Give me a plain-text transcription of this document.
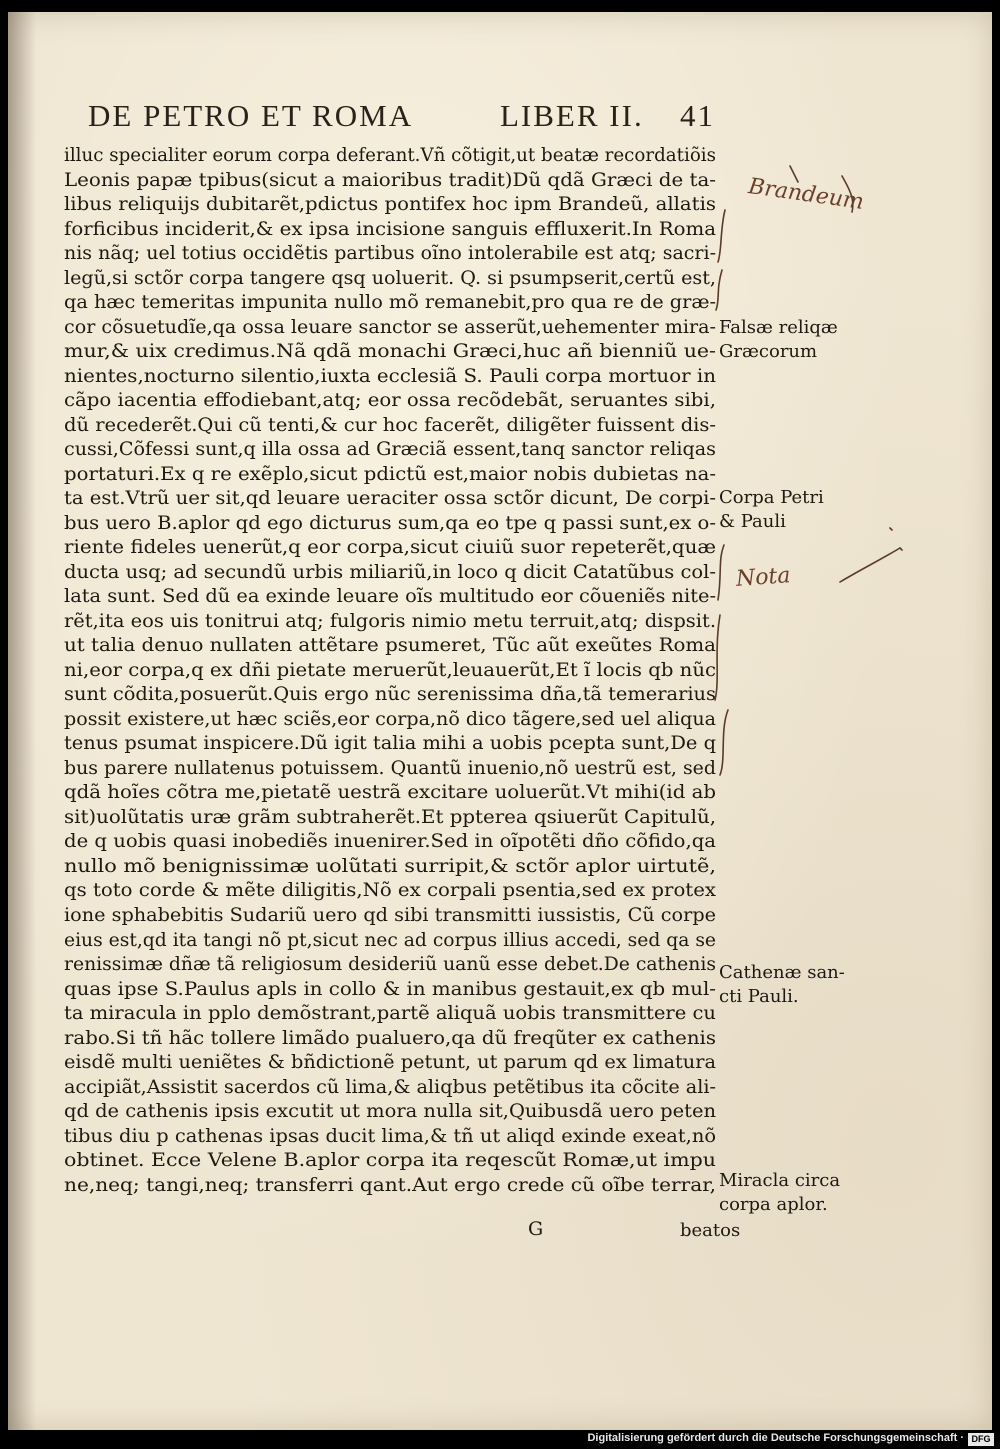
DE PETRO ET ROMA	LIBER II. 41
illuc specialiter eorum corpa deferant.Vñ cõtigit,ut beatæ recordatiõis
Leonis papæ tpibus(sicut a maioribus tradit)Dũ qdã Græci de ta-
libus reliquijs dubitarẽt,pdictus pontifex hoc ipm Brandeũ, allatis
forficibus inciderit,& ex ipsa incisione sanguis effluxerit.In Roma
nis nãq; uel totius occidẽtis partibus oĩno intolerabile est atq; sacri-
legũ,si sctõr corpa tangere qsq uoluerit. Q. si psumpserit,certũ est,
qa hæc temeritas impunita nullo mõ remanebit,pro qua re de græ-
cor cõsuetudĩe,qa ossa leuare sanctor se asserũt,uehementer mira-
mur,& uix credimus.Nã qdã monachi Græci,huc añ bienniũ ue-
nientes,nocturno silentio,iuxta ecclesiã S. Pauli corpa mortuor in
cãpo iacentia effodiebant,atq; eor ossa recõdebãt, seruantes sibi,
dũ recederẽt.Qui cũ tenti,& cur hoc facerẽt, diligẽter fuissent dis-
cussi,Cõfessi sunt,q illa ossa ad Græciã essent,tanq sanctor reliqas
portaturi.Ex q re exẽplo,sicut pdictũ est,maior nobis dubietas na-
ta est.Vtrũ uer sit,qd leuare ueraciter ossa sctõr dicunt, De corpi-
bus uero B.aplor qd ego dicturus sum,qa eo tpe q passi sunt,ex o-
riente fideles uenerũt,q eor corpa,sicut ciuiũ suor repeterẽt,quæ
ducta usq; ad secundũ urbis miliariũ,in loco q dicit Catatũbus col-
lata sunt. Sed dũ ea exinde leuare oĩs multitudo eor cõueniẽs nite-
rẽt,ita eos uis tonitrui atq; fulgoris nimio metu terruit,atq; dispsit.
ut talia denuo nullaten attẽtare psumeret, Tũc aũt exeũtes Roma
ni,eor corpa,q ex dñi pietate meruerũt,leuauerũt,Et ĩ locis qb nũc
sunt cõdita,posuerũt.Quis ergo nũc serenissima dña,tã temerarius
possit existere,ut hæc sciẽs,eor corpa,nõ dico tãgere,sed uel aliqua
tenus psumat inspicere.Dũ igit talia mihi a uobis pcepta sunt,De q
bus parere nullatenus potuissem. Quantũ inuenio,nõ uestrũ est, sed
qdã hoĩes cõtra me,pietatẽ uestrã excitare uoluerũt.Vt mihi(id ab
sit)uolũtatis uræ grãm subtraherẽt.Et ppterea qsiuerũt Capitulũ,
de q uobis quasi inobediẽs inuenirer.Sed in oĩpotẽti dño cõfido,qa
nullo mõ benignissimæ uolũtati surripit,& sctõr aplor uirtutẽ,
qs toto corde & mẽte diligitis,Nõ ex corpali psentia,sed ex protex
ione sphabebitis Sudariũ uero qd sibi transmitti iussistis, Cũ corpe
eius est,qd ita tangi nõ pt,sicut nec ad corpus illius accedi, sed qa se
renissimæ dñæ tã religiosum desideriũ uanũ esse debet.De cathenis
quas ipse S.Paulus apls in collo & in manibus gestauit,ex qb mul-
ta miracula in pplo demõstrant,partẽ aliquã uobis transmittere cu
rabo.Si tñ hãc tollere limãdo pualuero,qa dũ freqũter ex cathenis
eisdẽ multi ueniẽtes & bñdictionẽ petunt, ut parum qd ex limatura
accipiãt,Assistit sacerdos cũ lima,& aliqbus petẽtibus ita cõcite ali-
qd de cathenis ipsis excutit ut mora nulla sit,Quibusdã uero peten
tibus diu p cathenas ipsas ducit lima,& tñ ut aliqd exinde exeat,nõ
obtinet. Ecce Velene B.aplor corpa ita reqescũt Romæ,ut impu
ne,neq; tangi,neq; transferri qant.Aut ergo crede cũ oĩbe terrar,
Falsæ reliqæ
Græcorum
Corpa Petri
& Pauli
Cathenæ san-
cti Pauli.
Miracla circa
corpa aplor.
Brandeum
Nota
G	beatos
Digitalisierung gefördert durch die Deutsche Forschungsgemeinschaft · DFG
